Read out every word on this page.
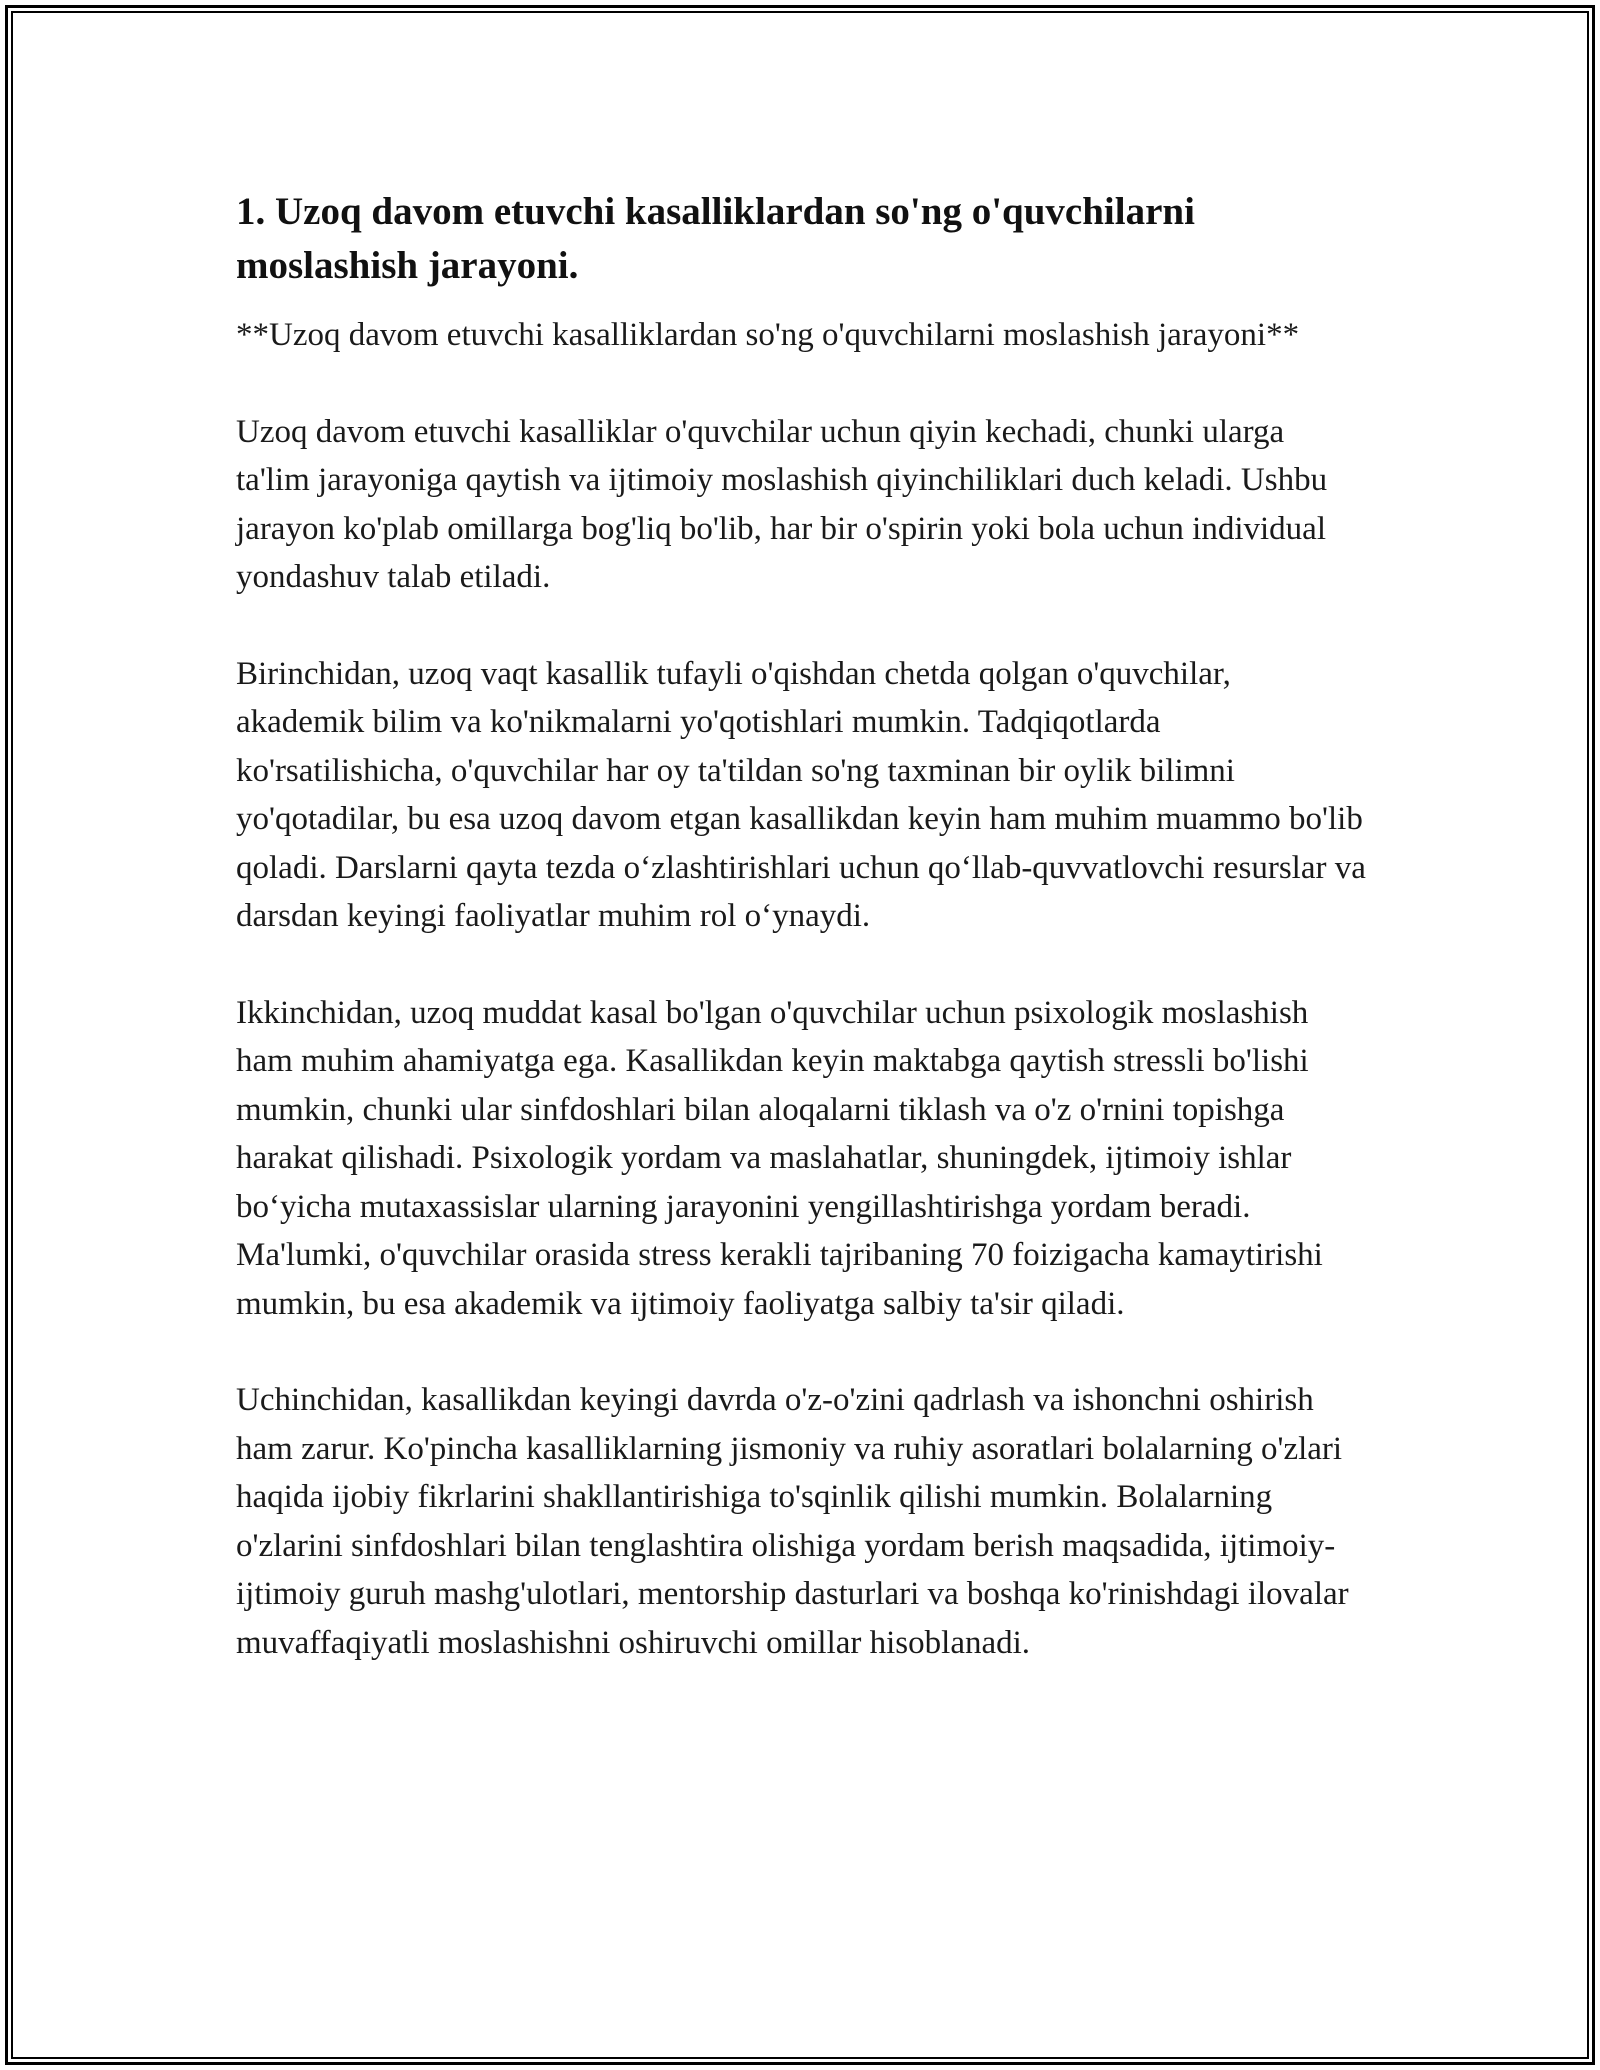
1. Uzoq davom etuvchi kasalliklardan so'ng o'quvchilarni moslashish jarayoni.

**Uzoq davom etuvchi kasalliklardan so'ng o'quvchilarni moslashish jarayoni**

Uzoq davom etuvchi kasalliklar o'quvchilar uchun qiyin kechadi, chunki ularga ta'lim jarayoniga qaytish va ijtimoiy moslashish qiyinchiliklari duch keladi. Ushbu jarayon ko'plab omillarga bog'liq bo'lib, har bir o'spirin yoki bola uchun individual yondashuv talab etiladi.

Birinchidan, uzoq vaqt kasallik tufayli o'qishdan chetda qolgan o'quvchilar, akademik bilim va ko'nikmalarni yo'qotishlari mumkin. Tadqiqotlarda ko'rsatilishicha, o'quvchilar har oy ta'tildan so'ng taxminan bir oylik bilimni yo'qotadilar, bu esa uzoq davom etgan kasallikdan keyin ham muhim muammo bo'lib qoladi. Darslarni qayta tezda o‘zlashtirishlari uchun qo‘llab-quvvatlovchi resurslar va darsdan keyingi faoliyatlar muhim rol o‘ynaydi.

Ikkinchidan, uzoq muddat kasal bo'lgan o'quvchilar uchun psixologik moslashish ham muhim ahamiyatga ega. Kasallikdan keyin maktabga qaytish stressli bo'lishi mumkin, chunki ular sinfdoshlari bilan aloqalarni tiklash va o'z o'rnini topishga harakat qilishadi. Psixologik yordam va maslahatlar, shuningdek, ijtimoiy ishlar bo‘yicha mutaxassislar ularning jarayonini yengillashtirishga yordam beradi. Ma'lumki, o'quvchilar orasida stress kerakli tajribaning 70 foizigacha kamaytirishi mumkin, bu esa akademik va ijtimoiy faoliyatga salbiy ta'sir qiladi.

Uchinchidan, kasallikdan keyingi davrda o'z-o'zini qadrlash va ishonchni oshirish ham zarur. Ko'pincha kasalliklarning jismoniy va ruhiy asoratlari bolalarning o'zlari haqida ijobiy fikrlarini shakllantirishiga to'sqinlik qilishi mumkin. Bolalarning o'zlarini sinfdoshlari bilan tenglashtira olishiga yordam berish maqsadida, ijtimoiy-ijtimoiy guruh mashg'ulotlari, mentorship dasturlari va boshqa ko'rinishdagi ilovalar muvaffaqiyatli moslashishni oshiruvchi omillar hisoblanadi.
